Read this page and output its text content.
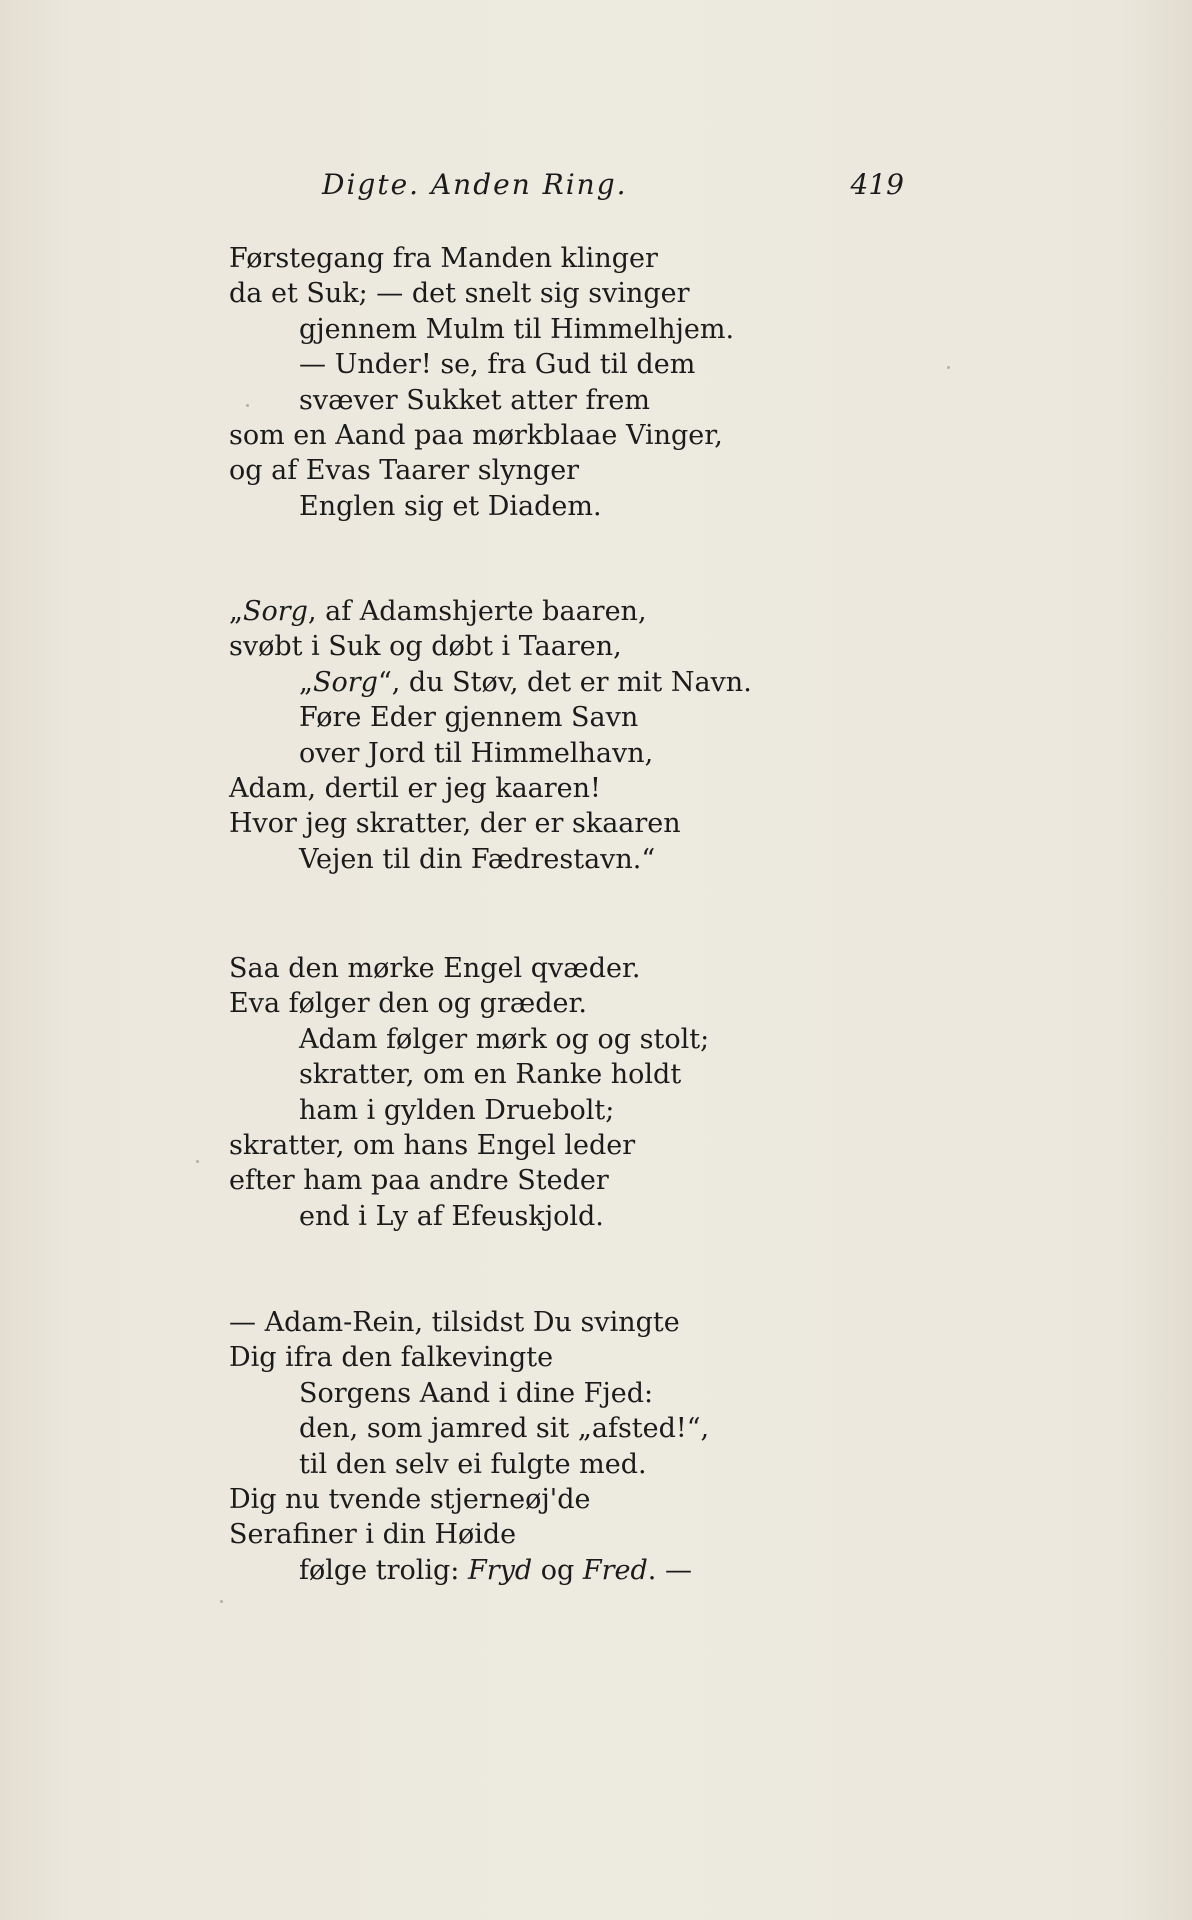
Digte. Anden Ring.	419
Førstegang fra Manden klinger
da et Suk; — det snelt sig svinger
gjennem Mulm til Himmelhjem.
— Under! se, fra Gud til dem
svæver Sukket atter frem
som en Aand paa mørkblaae Vinger,
og af Evas Taarer slynger
Englen sig et Diadem.
„Sorg, af Adamshjerte baaren,
svøbt i Suk og døbt i Taaren,
„Sorg“, du Støv, det er mit Navn.
Føre Eder gjennem Savn
over Jord til Himmelhavn,
Adam, dertil er jeg kaaren!
Hvor jeg skratter, der er skaaren
Vejen til din Fædrestavn.“
Saa den mørke Engel qvæder.
Eva følger den og græder.
Adam følger mørk og og stolt;
skratter, om en Ranke holdt
ham i gylden Druebolt;
skratter, om hans Engel leder
efter ham paa andre Steder
end i Ly af Efeuskjold.
— Adam-Rein, tilsidst Du svingte
Dig ifra den falkevingte
Sorgens Aand i dine Fjed:
den, som jamred sit „afsted!“,
til den selv ei fulgte med.
Dig nu tvende stjerneøj'de
Serafiner i din Høide
følge trolig: Fryd og Fred. —
